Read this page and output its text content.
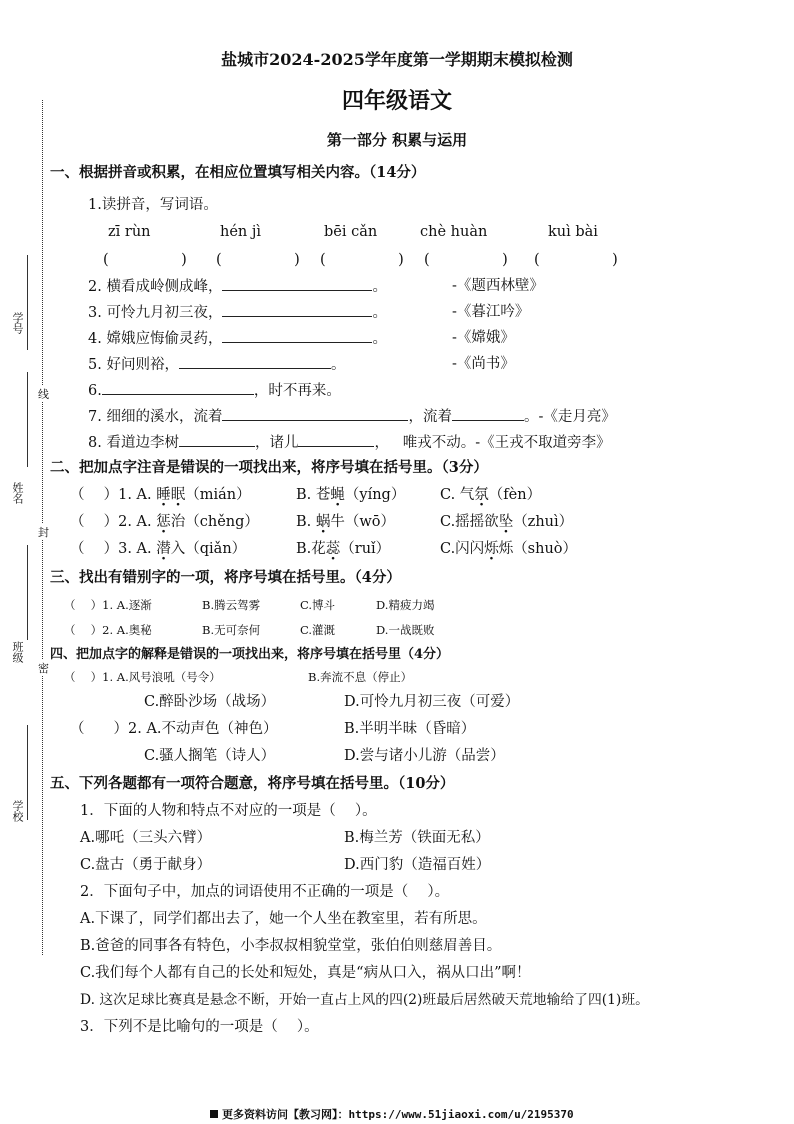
学号
姓名
班级
学校
线
封
密
盐城市2024-2025学年度第一学期期末模拟检测
四年级语文
第一部分 积累与运用
一、根据拼音或积累，在相应位置填写相关内容。（14分）
1.读拼音，写词语。
zī rùn	hén jì	bēi cǎn	chè huàn	kuì bài
(　　　　　) (　　　　　) (　　　　　) (　　　　　) (　　　　　)
2. 横看成岭侧成峰，	。	-《题西林壁》
3. 可怜九月初三夜，	。	-《暮江吟》
4. 嫦娥应悔偷灵药，	。	-《嫦娥》
5. 好问则裕，	。	-《尚书》
6.	，时不再来。
7. 细细的溪水，流着	，流着	。-《走月亮》
8. 看道边李树	，诸儿	， 唯戎不动。-《王戎不取道旁李》
二、把加点字注音是错误的一项找出来，将序号填在括号里。（3分）
（　 ）1. A. 睡眠（mián）	B. 苍蝇（yíng） C. 气氛（fèn）
（　 ）2. A. 惩治（chěng）	B. 蜗牛（wō）	C.摇摇欲坠（zhuì）
（　 ）3. A. 潜入（qiǎn）	B.花蕊（ruǐ）	C.闪闪烁烁（shuò）
三、找出有错别字的一项，将序号填在括号里。（4分）
（　 ）1. A.逐渐	B.腾云驾雾	C.博斗	D.精疲力竭
（　 ）2. A.奥秘	B.无可奈何	C.灌溉	D.一战既败
四、把加点字的解释是错误的一项找出来，将序号填在括号里（4分）
（　 ）1. A.风号浪吼（号令）	B.奔流不息（停止）
C.醉卧沙场（战场）	D.可怜九月初三夜（可爱）
（　　）2. A.不动声色（神色）	B.半明半昧（昏暗）
C.骚人搁笔（诗人）	D.尝与诸小儿游（品尝）
五、下列各题都有一项符合题意，将序号填在括号里。（10分）
1．下面的人物和特点不对应的一项是（　 ）。
A.哪吒（三头六臂）	B.梅兰芳（铁面无私）
C.盘古（勇于献身）	D.西门豹（造福百姓）
2．下面句子中，加点的词语使用不正确的一项是（　 ）。
A.下课了，同学们都出去了，她一个人坐在教室里，若有所思。
B.爸爸的同事各有特色，小李叔叔相貌堂堂，张伯伯则慈眉善目。
C.我们每个人都有自己的长处和短处，真是“病从口入，祸从口出”啊！
D. 这次足球比赛真是悬念不断，开始一直占上风的四(2)班最后居然破天荒地输给了四(1)班。
3．下列不是比喻句的一项是（　 ）。
更多资料访问【教习网】：https://www.51jiaoxi.com/u/2195370
